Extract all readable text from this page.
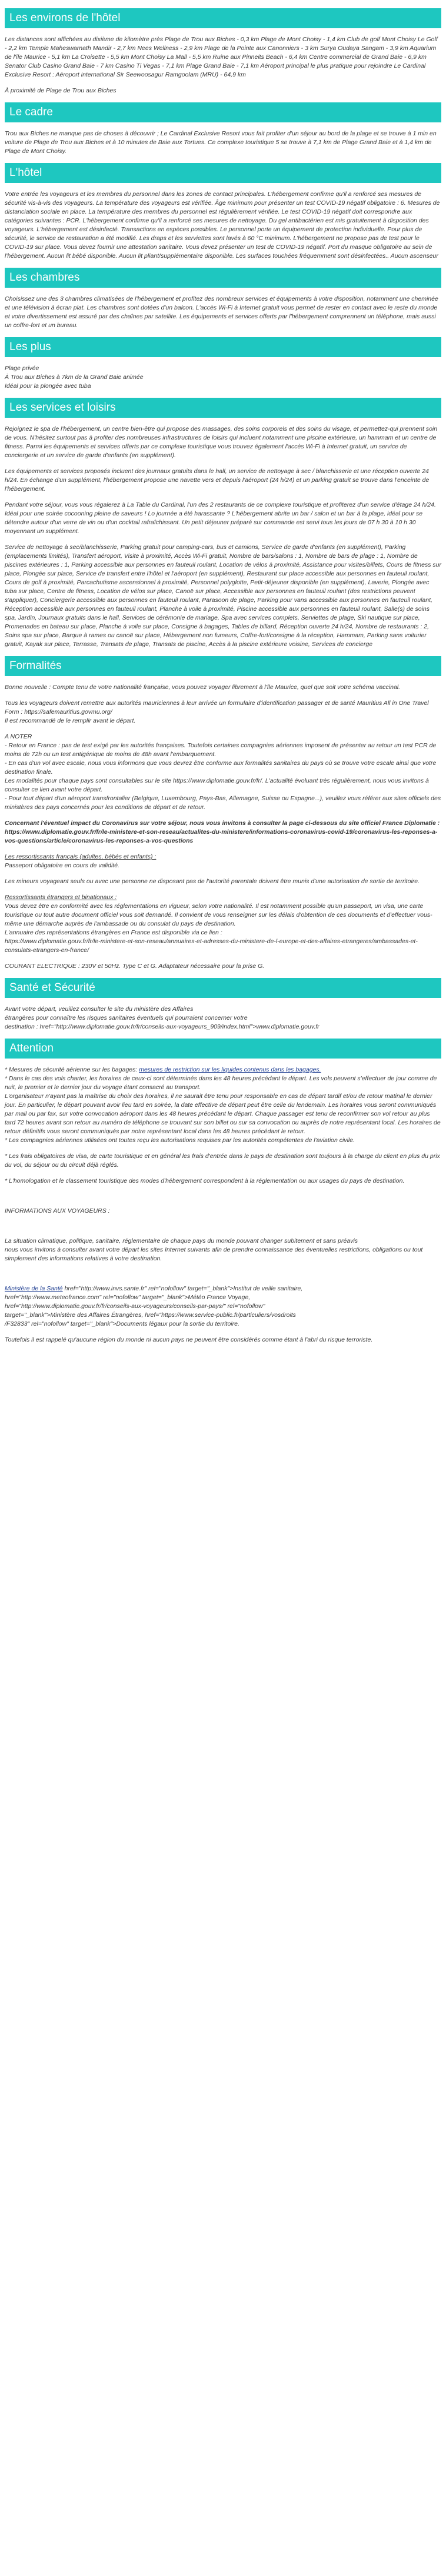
Les environs de l'hôtel

Les distances sont affichées au dixième de kilomètre près Plage de Trou aux Biches - 0,3 km Plage de Mont Choisy - 1,4 km Club de golf Mont Choisy Le Golf - 2,2 km Temple Maheswarnath Mandir - 2,7 km Nees Wellness - 2,9 km Plage de la Pointe aux Canonniers - 3 km Surya Oudaya Sangam - 3,9 km Aquarium de l'île Maurice - 5,1 km La Croisette - 5,5 km Mont Choisy La Mall - 5,5 km Ruine aux Pinneits Beach - 6,4 km Centre commercial de Grand Baie - 6,9 km Senator Club Casino Grand Baie - 7 km Casino Ti Vegas - 7,1 km Plage Grand Baie - 7,1 km Aéroport principal le plus pratique pour rejoindre Le Cardinal Exclusive Resort : Aéroport international Sir Seewoosagur Ramgoolam (MRU) - 64,9 km

À proximité de Plage de Trou aux Biches

Le cadre

Trou aux Biches ne manque pas de choses à découvrir ; Le Cardinal Exclusive Resort vous fait profiter d'un séjour au bord de la plage et se trouve à 1 min en voiture de Plage de Trou aux Biches et à 10 minutes de Baie aux Tortues. Ce complexe touristique 5 se trouve à 7,1 km de Plage Grand Baie et à 1,4 km de Plage de Mont Choisy.

L'hôtel

Votre entrée les voyageurs et les membres du personnel dans les zones de contact principales. L'hébergement confirme qu'il a renforcé ses mesures de sécurité vis-à-vis des voyageurs. La température des voyageurs est vérifiée. Âge minimum pour présenter un test COVID-19 négatif obligatoire : 6. Mesures de distanciation sociale en place. La température des membres du personnel est régulièrement vérifiée. Le test COVID-19 négatif doit correspondre aux catégories suivantes : PCR. L'hébergement confirme qu'il a renforcé ses mesures de nettoyage. Du gel antibactérien est mis gratuitement à disposition des voyageurs. L'hébergement est désinfecté. Transactions en espèces possibles. Le personnel porte un équipement de protection individuelle. Pour plus de sécurité, le service de restauration a été modifié. Les draps et les serviettes sont lavés à 60 °C minimum. L'hébergement ne propose pas de test pour le COVID-19 sur place. Vous devez fournir une attestation sanitaire. Vous devez présenter un test de COVID-19 négatif. Port du masque obligatoire au sein de l'hébergement. Aucun lit bébé disponible. Aucun lit pliant/supplémentaire disponible. Les surfaces touchées fréquemment sont désinfectées.. Aucun ascenseur

Les chambres

Choisissez une des 3 chambres climatisées de l'hébergement et profitez des nombreux services et équipements à votre disposition, notamment une cheminée et une télévision à écran plat. Les chambres sont dotées d'un balcon. L'accès Wi-Fi à Internet gratuit vous permet de rester en contact avec le reste du monde et votre divertissement est assuré par des chaînes par satellite. Les équipements et services offerts par l'hébergement comprennent un téléphone, mais aussi un coffre-fort et un bureau.

Les plus

Plage privée
À Trou aux Biches à 7km de la Grand Baie animée
Idéal pour la plongée avec tuba

Les services et loisirs

Rejoignez le spa de l'hébergement, un centre bien-être qui propose des massages, des soins corporels et des soins du visage, et permettez-qui prennent soin de vous. N'hésitez surtout pas à profiter des nombreuses infrastructures de loisirs qui incluent notamment une piscine extérieure, un hammam et un centre de fitness. Parmi les équipements et services offerts par ce complexe touristique vous trouvez également l'accès Wi-Fi à Internet gratuit, un service de conciergerie et un service de garde d'enfants (en supplément).

Les équipements et services proposés incluent des journaux gratuits dans le hall, un service de nettoyage à sec / blanchisserie et une réception ouverte 24 h/24. En échange d'un supplément, l'hébergement propose une navette vers et depuis l'aéroport (24 h/24) et un parking gratuit se trouve dans l'enceinte de l'hébergement.

Pendant votre séjour, vous vous régalerez à La Table du Cardinal, l'un des 2 restaurants de ce complexe touristique et profiterez d'un service d'étage 24 h/24. Idéal pour une soirée cocooning pleine de saveurs ! Lo journée a été harassante ? L'hébergement abrite un bar / salon et un bar à la plage, idéal pour se détendre autour d'un verre de vin ou d'un cocktail rafraîchissant. Un petit déjeuner préparé sur commande est servi tous les jours de 07 h 30 à 10 h 30 moyennant un supplément.

Service de nettoyage à sec/blanchisserie, Parking gratuit pour camping-cars, bus et camions, Service de garde d'enfants (en supplément), Parking (emplacements limités), Transfert aéroport, Visite à proximité, Accès Wi-Fi gratuit, Nombre de bars/salons : 1, Nombre de bars de plage : 1, Nombre de piscines extérieures : 1, Parking accessible aux personnes en fauteuil roulant, Location de vélos à proximité, Assistance pour visites/billets, Cours de fitness sur place, Plongée sur place, Service de transfert entre l'hôtel et l'aéroport (en supplément), Restaurant sur place accessible aux personnes en fauteuil roulant, Cours de golf à proximité, Parcachutisme ascensionnel à proximité, Personnel polyglotte, Petit-déjeuner disponible (en supplément), Laverie, Plongée avec tuba sur place, Centre de fitness, Location de vélos sur place, Canoë sur place, Accessible aux personnes en fauteuil roulant (des restrictions peuvent s'appliquer), Conciergerie accessible aux personnes en fauteuil roulant, Parasoon de plage, Parking pour vans accessible aux personnes en fauteuil roulant, Réception accessible aux personnes en fauteuil roulant, Planche à voile à proximité, Piscine accessible aux personnes en fauteuil roulant, Salle(s) de soins spa, Jardin, Journaux gratuits dans le hall, Services de cérémonie de mariage, Spa avec services complets, Serviettes de plage, Ski nautique sur place, Promenades en bateau sur place, Planche à voile sur place, Consigne à bagages, Tables de billard, Réception ouverte 24 h/24, Nombre de restaurants : 2, Soins spa sur place, Barque à rames ou canoë sur place, Hébergement non fumeurs, Coffre-fort/consigne à la réception, Hammam, Parking sans voiturier gratuit, Kayak sur place, Terrasse, Transats de plage, Transats de piscine, Accès à la piscine extérieure voisine, Services de concierge

Formalités

Bonne nouvelle : Compte tenu de votre nationalité française, vous pouvez voyager librement à l'île Maurice, quel que soit votre schéma vaccinal.

Tous les voyageurs doivent remettre aux autorités mauriciennes à leur arrivée un formulaire d'identification passager et de santé Mauritius All in One Travel Form : https://safemauritius.govmu.org/
Il est recommandé de le remplir avant le départ.

A NOTER
- Retour en France : pas de test exigé par les autorités françaises. Toutefois certaines compagnies aériennes imposent de présenter au retour un test PCR de moins de 72h ou un test antigénique de moins de 48h avant l'embarquement.
- En cas d'un vol avec escale, nous vous informons que vous devrez être conforme aux formalités sanitaires du pays où se trouve votre escale ainsi que votre destination finale.
Les modalités pour chaque pays sont consultables sur le site https://www.diplomatie.gouv.fr/fr/. L'actualité évoluant très régulièrement, nous vous invitons à consulter ce lien avant votre départ.
- Pour tout départ d'un aéroport transfrontalier (Belgique, Luxembourg, Pays-Bas, Allemagne, Suisse ou Espagne...), veuillez vous référer aux sites officiels des ministères des pays concernés pour les conditions de départ et de retour.

Concernant l'éventuel impact du Coronavirus sur votre séjour, nous vous invitons à consulter la page ci-dessous du site officiel France Diplomatie :
https://www.diplomatie.gouv.fr/fr/le-ministere-et-son-reseau/actualites-du-ministere/informations-coronavirus-covid-19/coronavirus-les-reponses-a-vos-questions/article/coronavirus-les-reponses-a-vos-questions

Les ressortissants français (adultes, bébés et enfants) :

Passeport obligatoire en cours de validité.

Les mineurs voyageant seuls ou avec une personne ne disposant pas de l'autorité parentale doivent être munis d'une autorisation de sortie de territoire.

Ressortissants étrangers et binationaux :

Vous devez être en conformité avec les réglementations en vigueur, selon votre nationalité. Il est notamment possible qu'un passeport, un visa, une carte touristique ou tout autre document officiel vous soit demandé. Il convient de vous renseigner sur les délais d'obtention de ces documents et d'effectuer vous-même une démarche auprès de l'ambassade ou du consulat du pays de destination.
L'annuaire des représentations étrangères en France est disponible via ce lien :
https://www.diplomatie.gouv.fr/fr/le-ministere-et-son-reseau/annuaires-et-adresses-du-ministere-de-l-europe-et-des-affaires-etrangeres/ambassades-et-consulats-etrangers-en-france/

COURANT ELECTRIQUE : 230V et 50Hz. Type C et G. Adaptateur nécessaire pour la prise G.

Santé et Sécurité

Avant votre départ, veuillez consulter le site du ministère des Affaires
étrangères pour connaître les risques sanitaires éventuels qui pourraient concerner votre
destination : href="http://www.diplomatie.gouv.fr/fr/conseils-aux-voyageurs_909/index.html">www.diplomatie.gouv.fr

Attention

* Mesures de sécurité aérienne sur les bagages: mesures de restriction sur les liquides contenus dans les bagages.

* Dans le cas des vols charter, les horaires de ceux-ci sont déterminés dans les 48 heures précédant le départ. Les vols peuvent s'effectuer de jour comme de nuit, le premier et le dernier jour du voyage étant consacré au transport.
L'organisateur n'ayant pas la maîtrise du choix des horaires, il ne saurait être tenu pour responsable en cas de départ tardif et/ou de retour matinal le dernier jour. En particulier, le départ pouvant avoir lieu tard en soirée, la date effective de départ peut être celle du lendemain. Les horaires vous seront communiqués par mail ou par fax, sur votre convocation aéroport dans les 48 heures précédant le départ. Chaque passager est tenu de reconfirmer son vol retour au plus tard 72 heures avant son retour au numéro de téléphone se trouvant sur son billet ou sur sa convocation ou auprès de notre représentant local. Les horaires de retour définitifs vous seront communiqués par notre représentant local dans les 48 heures précédant le retour.
* Les compagnies aériennes utilisées ont toutes reçu les autorisations requises par les autorités compétentes de l'aviation civile.

* Les frais obligatoires de visa, de carte touristique et en général les frais d'entrée dans le pays de destination sont toujours à la charge du client en plus du prix du vol, du séjour ou du circuit déjà réglés.

* L'homologation et le classement touristique des modes d'hébergement correspondent à la réglementation ou aux usages du pays de destination.

INFORMATIONS AUX VOYAGEURS :

La situation climatique, politique, sanitaire, réglementaire de chaque pays du monde pouvant changer subitement et sans préavis
nous vous invitons à consulter avant votre départ les sites Internet suivants afin de prendre connaissance des éventuelles restrictions, obligations ou tout simplement des informations relatives à votre destination.

Ministère de la Santé href="http://www.invs.sante.fr" rel="nofollow" target="_blank">Institut de veille sanitaire,
href="http://www.meteofrance.com" rel="nofollow" target="_blank">Météo France Voyage,
href="http://www.diplomatie.gouv.fr/fr/conseils-aux-voyageurs/conseils-par-pays/" rel="nofollow"
target="_blank">Ministère des Affaires Étrangères, href="https://www.service-public.fr/particuliers/vosdroits
/F32833" rel="nofollow" target="_blank">Documents légaux pour la sortie du territoire.

Toutefois il est rappelé qu'aucune région du monde ni aucun pays ne peuvent être considérés comme étant à l'abri du risque terroriste.
